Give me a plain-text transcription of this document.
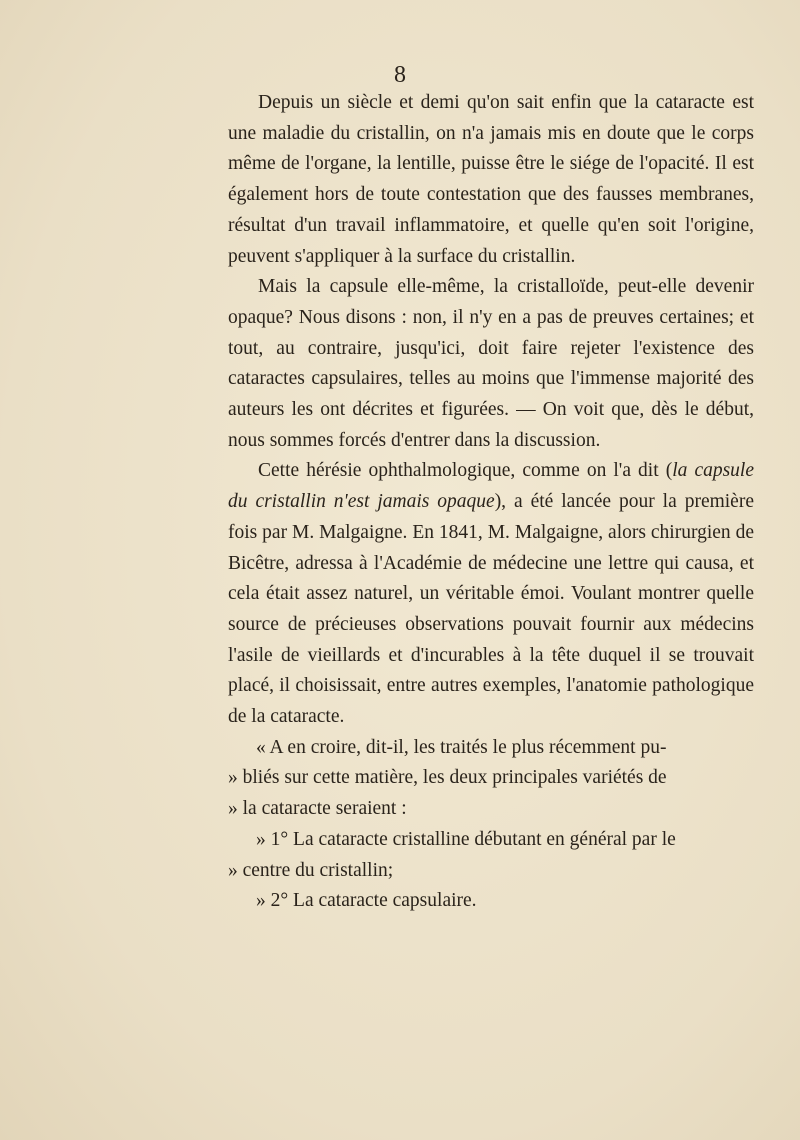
8

Depuis un siècle et demi qu'on sait enfin que la cataracte est une maladie du cristallin, on n'a jamais mis en doute que le corps même de l'organe, la lentille, puisse être le siége de l'opacité. Il est également hors de toute contestation que des fausses membranes, résultat d'un travail inflammatoire, et quelle qu'en soit l'origine, peuvent s'appliquer à la surface du cristallin.

Mais la capsule elle-même, la cristalloïde, peut-elle devenir opaque? Nous disons : non, il n'y en a pas de preuves certaines; et tout, au contraire, jusqu'ici, doit faire rejeter l'existence des cataractes capsulaires, telles au moins que l'immense majorité des auteurs les ont décrites et figurées. — On voit que, dès le début, nous sommes forcés d'entrer dans la discussion.

Cette hérésie ophthalmologique, comme on l'a dit (la capsule du cristallin n'est jamais opaque), a été lancée pour la première fois par M. Malgaigne. En 1841, M. Malgaigne, alors chirurgien de Bicêtre, adressa à l'Académie de médecine une lettre qui causa, et cela était assez naturel, un véritable émoi. Voulant montrer quelle source de précieuses observations pouvait fournir aux médecins l'asile de vieillards et d'incurables à la tête duquel il se trouvait placé, il choisissait, entre autres exemples, l'anatomie pathologique de la cataracte.

« A en croire, dit-il, les traités le plus récemment pu-
» bliés sur cette matière, les deux principales variétés de
» la cataracte seraient :
» 1° La cataracte cristalline débutant en général par le
» centre du cristallin;
» 2° La cataracte capsulaire.
